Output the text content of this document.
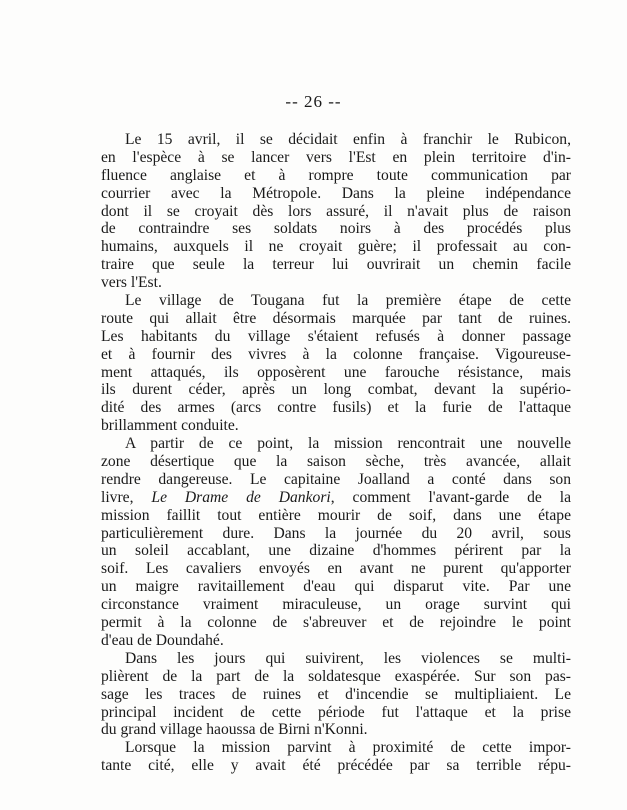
-- 26 --
Le 15 avril, il se décidait enfin à franchir le Rubicon,
en l'espèce à se lancer vers l'Est en plein territoire d'in-
fluence anglaise et à rompre toute communication par
courrier avec la Métropole. Dans la pleine indépendance
dont il se croyait dès lors assuré, il n'avait plus de raison
de contraindre ses soldats noirs à des procédés plus
humains, auxquels il ne croyait guère; il professait au con-
traire que seule la terreur lui ouvrirait un chemin facile
vers l'Est.
Le village de Tougana fut la première étape de cette
route qui allait être désormais marquée par tant de ruines.
Les habitants du village s'étaient refusés à donner passage
et à fournir des vivres à la colonne française. Vigoureuse-
ment attaqués, ils opposèrent une farouche résistance, mais
ils durent céder, après un long combat, devant la supério-
dité des armes (arcs contre fusils) et la furie de l'attaque
brillamment conduite.
A partir de ce point, la mission rencontrait une nouvelle
zone désertique que la saison sèche, très avancée, allait
rendre dangereuse. Le capitaine Joalland a conté dans son
livre, Le Drame de Dankori, comment l'avant-garde de la
mission faillit tout entière mourir de soif, dans une étape
particulièrement dure. Dans la journée du 20 avril, sous
un soleil accablant, une dizaine d'hommes périrent par la
soif. Les cavaliers envoyés en avant ne purent qu'apporter
un maigre ravitaillement d'eau qui disparut vite. Par une
circonstance vraiment miraculeuse, un orage survint qui
permit à la colonne de s'abreuver et de rejoindre le point
d'eau de Doundahé.
Dans les jours qui suivirent, les violences se multi-
plièrent de la part de la soldatesque exaspérée. Sur son pas-
sage les traces de ruines et d'incendie se multipliaient. Le
principal incident de cette période fut l'attaque et la prise
du grand village haoussa de Birni n'Konni.
Lorsque la mission parvint à proximité de cette impor-
tante cité, elle y avait été précédée par sa terrible répu-
